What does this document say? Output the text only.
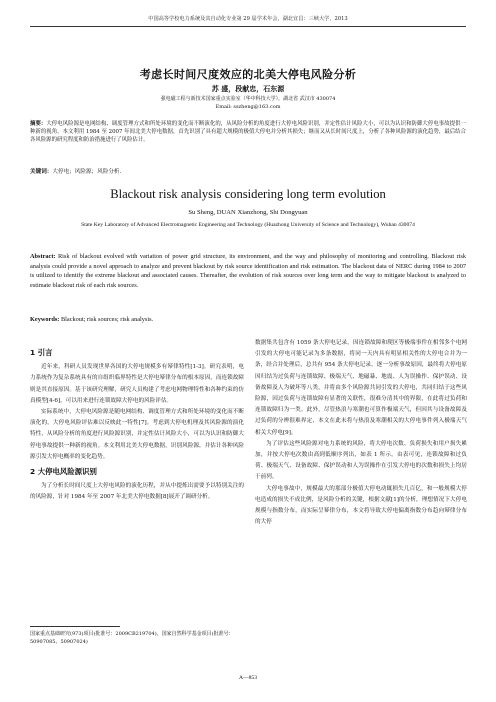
中国高等学校电力系统及其自动化专业第 29 届学术年会，湖北宜昌：三峡大学，2013
考虑长时间尺度效应的北美大停电风险分析
苏 盛，段献忠，石东源
强电磁工程与新技术国家重点实验室（华中科技大学），湖北省 武汉市 430074
Email: sszheng@163.com
摘要：大停电风险源是电网结构、调度管理方式和所处环境的变化而不断演化的，从风险分析的角度进行大停电风险识别，并定性估计风险大小，可以为认识和防御大停电事故提供一种新的视角。本文利用 1984 至 2007 年间北美大停电数据，首先识别了具有超大规模的极值大停电并分析其损失；继而又从长时间尺度上，分析了各种风险源的演化趋势，最后结合各风险源的研究程度和防治措施进行了风险估计。
关键词：大停电；风险源；风险分析.
Blackout risk analysis considering long term evolution
Su Sheng, DUAN Xianzhong, Shi Dongyuan
State Key Laboratory of Advanced Electromagnetic Engineering and Technology (Huazhong University of Science and Technology), Wuhan 430074
Abstract: Risk of blackout evolved with variation of power grid structure, its environment, and the way and philosophy of monitoring and controlling. Blackout risk analysis could provide a novel approach to analyze and prevent blackout by risk source identification and risk estimation. The blackout data of NERC during 1984 to 2007 is utilized to identify the extreme blackout and associated causes. Thereafter, the evolution of risk sources over long term and the way to mitigate blackout is analyzed to estimate blackout risk of each risk sources.
Keywords: Blackout; risk sources; risk analysis.
1 引言

近年来，科研人员发现世界各国的大停电规模多有幂律特性[1-3]。研究表明，电力系统作为复杂系统具有的自组织临界特性是大停电幂律分布的根本原因，而连锁故障则是其直接原因。基于该研究理解，研究人员构建了考虑电网物理特性和各种约束的仿真模型[4-6]，可以用来进行连锁故障大停电的风险评估。

实际系统中，大停电风险源是随电网结构、调度管理方式和所处环境的变化而不断演化的，大停电风险评估难以反映此一特性[7]。考虑到大停电机理及其风险源的演化特性，从风险分析的角度进行风险源识别，并定性估计风险大小，可以为认识和防御大停电事故提供一种新的视角。本文利用北美大停电数据，识别风险源，并估计各种风险源引发大停电概率的变化趋势。

2 大停电风险源识别

为了分析长时间尺度上大停电风险的演化历程，并从中提炼出需要予以特别关注的的风险源，针对 1984 年至 2007 年北美大停电数据[8]展开了调研分析。

数据集共包含有 1059 条大停电记录。因连锁故障和爬区等极端事件在相邻多个电网引发的大停电可能记录为多条数据，将同一天内具有明显相关性的大停电合并为一条，经合并处理后，总共有 954 条大停电记录。逐一分析事故原因，最终将大停电原因归结为过负荷与连锁故障、极端天气、地磁暴、地震、人为误操作、保护误动、设备故障及人为破坏等八类，并将由多个风险源共同引发的大停电，共同归结于这些风险源，因过负荷与连锁故障有显著的关联性，很难分清其中的界限，在此将过负荷和连锁故障归为一类。此外，尽管热浪与寒潮也可算作极端天气，但因其与设备故障及过负荷的分辨很难界定，本文在此未将与热浪及寒潮相关的大停电事件列入极端天气相关大停电[9]。

为了评估这些风险源对电力系统的风险，将大停电次数、负荷损失和用户损失累加，并按大停电次数由高到低顺序列出，如表 1 所示。由表可见，连锁故障和过负荷、极端天气、设备故障、保护误动和人为误操作在引发大停电的次数和损失上均居于前列。

大停电事故中，规模最大的那部分极值大停电动辄损失几百亿，和一般规模大停电造成的损失不成比例，是风险分析的关键，根据文献[1]的分析，理想情况下大停电规模与指数分布，而实际呈幂律分布，本文将导致大停电偏离指数分布趋向幂律分布的大停

国家重点基础研究(973)项目(批准号：2009CB219704)，国家自然科学基金项目(批准号：50907085、50907024)
A—853
